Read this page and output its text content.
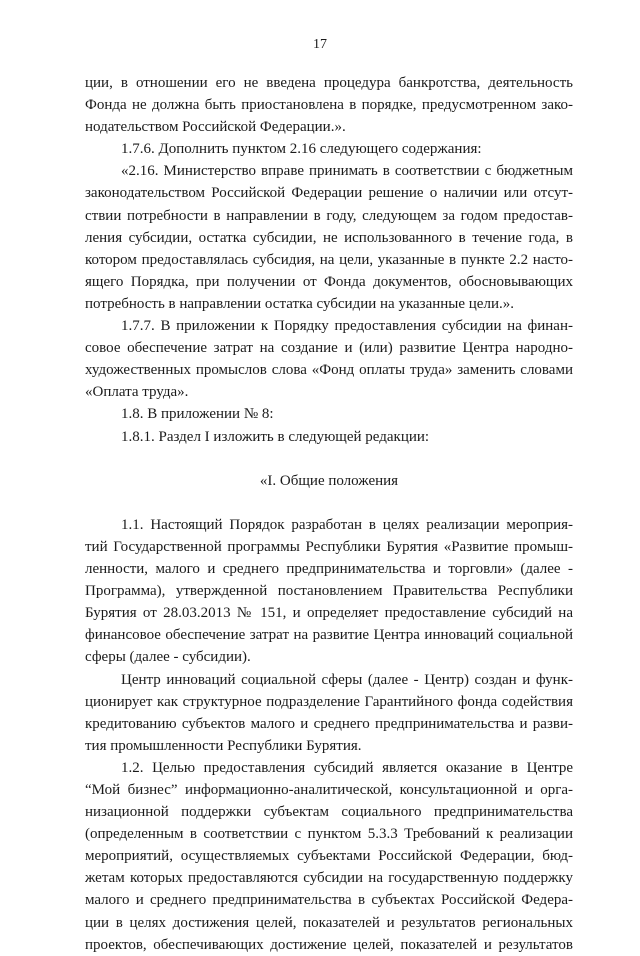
17
ции, в отношении его не введена процедура банкротства, деятельность
Фонда не должна быть приостановлена в порядке, предусмотренном зако-
нодательством Российской Федерации.».
1.7.6. Дополнить пунктом 2.16 следующего содержания:
«2.16. Министерство вправе принимать в соответствии с бюджетным
законодательством Российской Федерации решение о наличии или отсут-
ствии потребности в направлении в году, следующем за годом предостав-
ления субсидии, остатка субсидии, не использованного в течение года, в
котором предоставлялась субсидия, на цели, указанные в пункте 2.2 насто-
ящего Порядка, при получении от Фонда документов, обосновывающих
потребность в направлении остатка субсидии на указанные цели.».
1.7.7. В приложении к Порядку предоставления субсидии на финан-
совое обеспечение затрат на создание и (или) развитие Центра народно-
художественных промыслов слова «Фонд оплаты труда» заменить словами
«Оплата труда».
1.8. В приложении № 8:
1.8.1. Раздел I изложить в следующей редакции:
«I. Общие положения
1.1. Настоящий Порядок разработан в целях реализации мероприя-
тий Государственной программы Республики Бурятия «Развитие промыш-
ленности, малого и среднего предпринимательства и торговли» (далее -
Программа), утвержденной постановлением Правительства Республики
Бурятия от 28.03.2013 № 151, и определяет предоставление субсидий на
финансовое обеспечение затрат на развитие Центра инноваций социальной
сферы (далее - субсидии).
Центр инноваций социальной сферы (далее - Центр) создан и функ-
ционирует как структурное подразделение Гарантийного фонда содействия
кредитованию субъектов малого и среднего предпринимательства и разви-
тия промышленности Республики Бурятия.
1.2. Целью предоставления субсидий является оказание в Центре
“Мой бизнес” информационно-аналитической, консультационной и орга-
низационной поддержки субъектам социального предпринимательства
(определенным в соответствии с пунктом 5.3.3 Требований к реализации
мероприятий, осуществляемых субъектами Российской Федерации, бюд-
жетам которых предоставляются субсидии на государственную поддержку
малого и среднего предпринимательства в субъектах Российской Федера-
ции в целях достижения целей, показателей и результатов региональных
проектов, обеспечивающих достижение целей, показателей и результатов
